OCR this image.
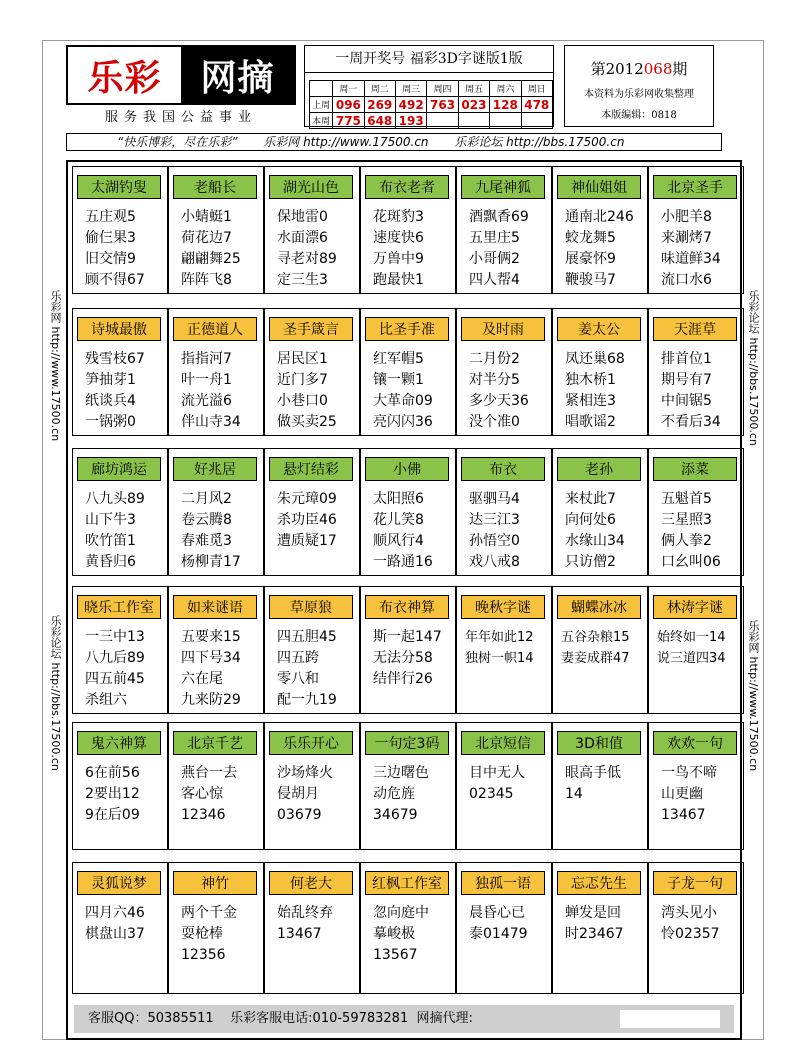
乐彩	网摘
服务我国公益事业
一周开奖号 福彩3D字谜版1版
	周一	周二	周三	周四	周五	周六	周日
上周	096	269	492	763	023	128	478
本周	775	648	193				
第2012068期
本资料为乐彩网收集整理
本版编辑：0818
“快乐博彩，尽在乐彩” 乐彩网 http://www.17500.cn 乐彩论坛 http://bbs.17500.cn
乐彩网 http://www.17500.cn
乐彩论坛 http://bbs.17500.cn
乐彩论坛 http://bbs.17500.cn
乐彩网 http://www.17500.cn
太湖钓叟
五庄观5
偷仨果3
旧交情9
顾不得67
老船长
小蜻蜓1
荷花边7
翩翩舞25
阵阵飞8
湖光山色
保地雷0
水面漂6
寻老对89
定三生3
布衣老者
花斑豹3
速度快6
万兽中9
跑最快1
九尾神狐
酒飘香69
五里庄5
小哥俩2
四人帮4
神仙姐姐
通南北246
蛟龙舞5
展豪怀9
鞭骏马7
北京圣手
小肥羊8
来涮烤7
味道鲜34
流口水6
诗城最傲
残雪枝67
笋抽芽1
纸谈兵4
一锅粥0
正德道人
指指河7
叶一舟1
流光溢6
伴山寺34
圣手箴言
居民区1
近门多7
小巷口0
做买卖25
比圣手准
红军帽5
镶一颗1
大革命09
亮闪闪36
及时雨
二月份2
对半分5
多少天36
没个准0
姜太公
凤还巢68
独木桥1
紧相连3
唱歌谣2
天涯草
排首位1
期号有7
中间锯5
不看后34
廊坊鸿运
八九头89
山下牛3
吹竹笛1
黄昏归6
好兆居
二月风2
卷云腾8
春难觅3
杨柳青17
悬灯结彩
朱元璋09
杀功臣46
遭质疑17
小佛
太阳照6
花儿笑8
顺风行4
一路通16
布衣
驱驷马4
达三江3
孙悟空0
戏八戒8
老孙
来杖此7
向何处6
水缘山34
只访僧2
添菜
五魁首5
三星照3
俩人拳2
口幺叫06
晓乐工作室
一三中13
八九后89
四五前45
杀组六
如来谜语
五要来15
四下号34
六在尾
九来防29
草原狼
四五胆45
四五跨
零八和
配一九19
布衣神算
斯一起147
无法分58
结伴行26
晚秋字谜
年年如此12
独树一帜14
蝴蝶冰冰
五谷杂粮15
妻妾成群47
林涛字谜
始终如一14
说三道四34
鬼六神算
6在前56
2要出12
9在后09
北京千艺
燕台一去
客心惊
12346
乐乐开心
沙场烽火
侵胡月
03679
一句定3码
三边曙色
动危旌
34679
北京短信
目中无人
02345
3D和值
眼高手低
14
欢欢一句
一鸟不啼
山更幽
13467
灵狐说梦
四月六46
棋盘山37
神竹
两个千金
耍枪棒
12356
何老大
始乱终弃
13467
红枫工作室
忽向庭中
摹峻极
13567
独孤一语
晨昏心已
泰01479
忘忑先生
蝉发是回
时23467
子龙一句
湾头见小
怜02357
客服QQ：50385511 乐彩客服电话:010-59783281 网摘代理:
